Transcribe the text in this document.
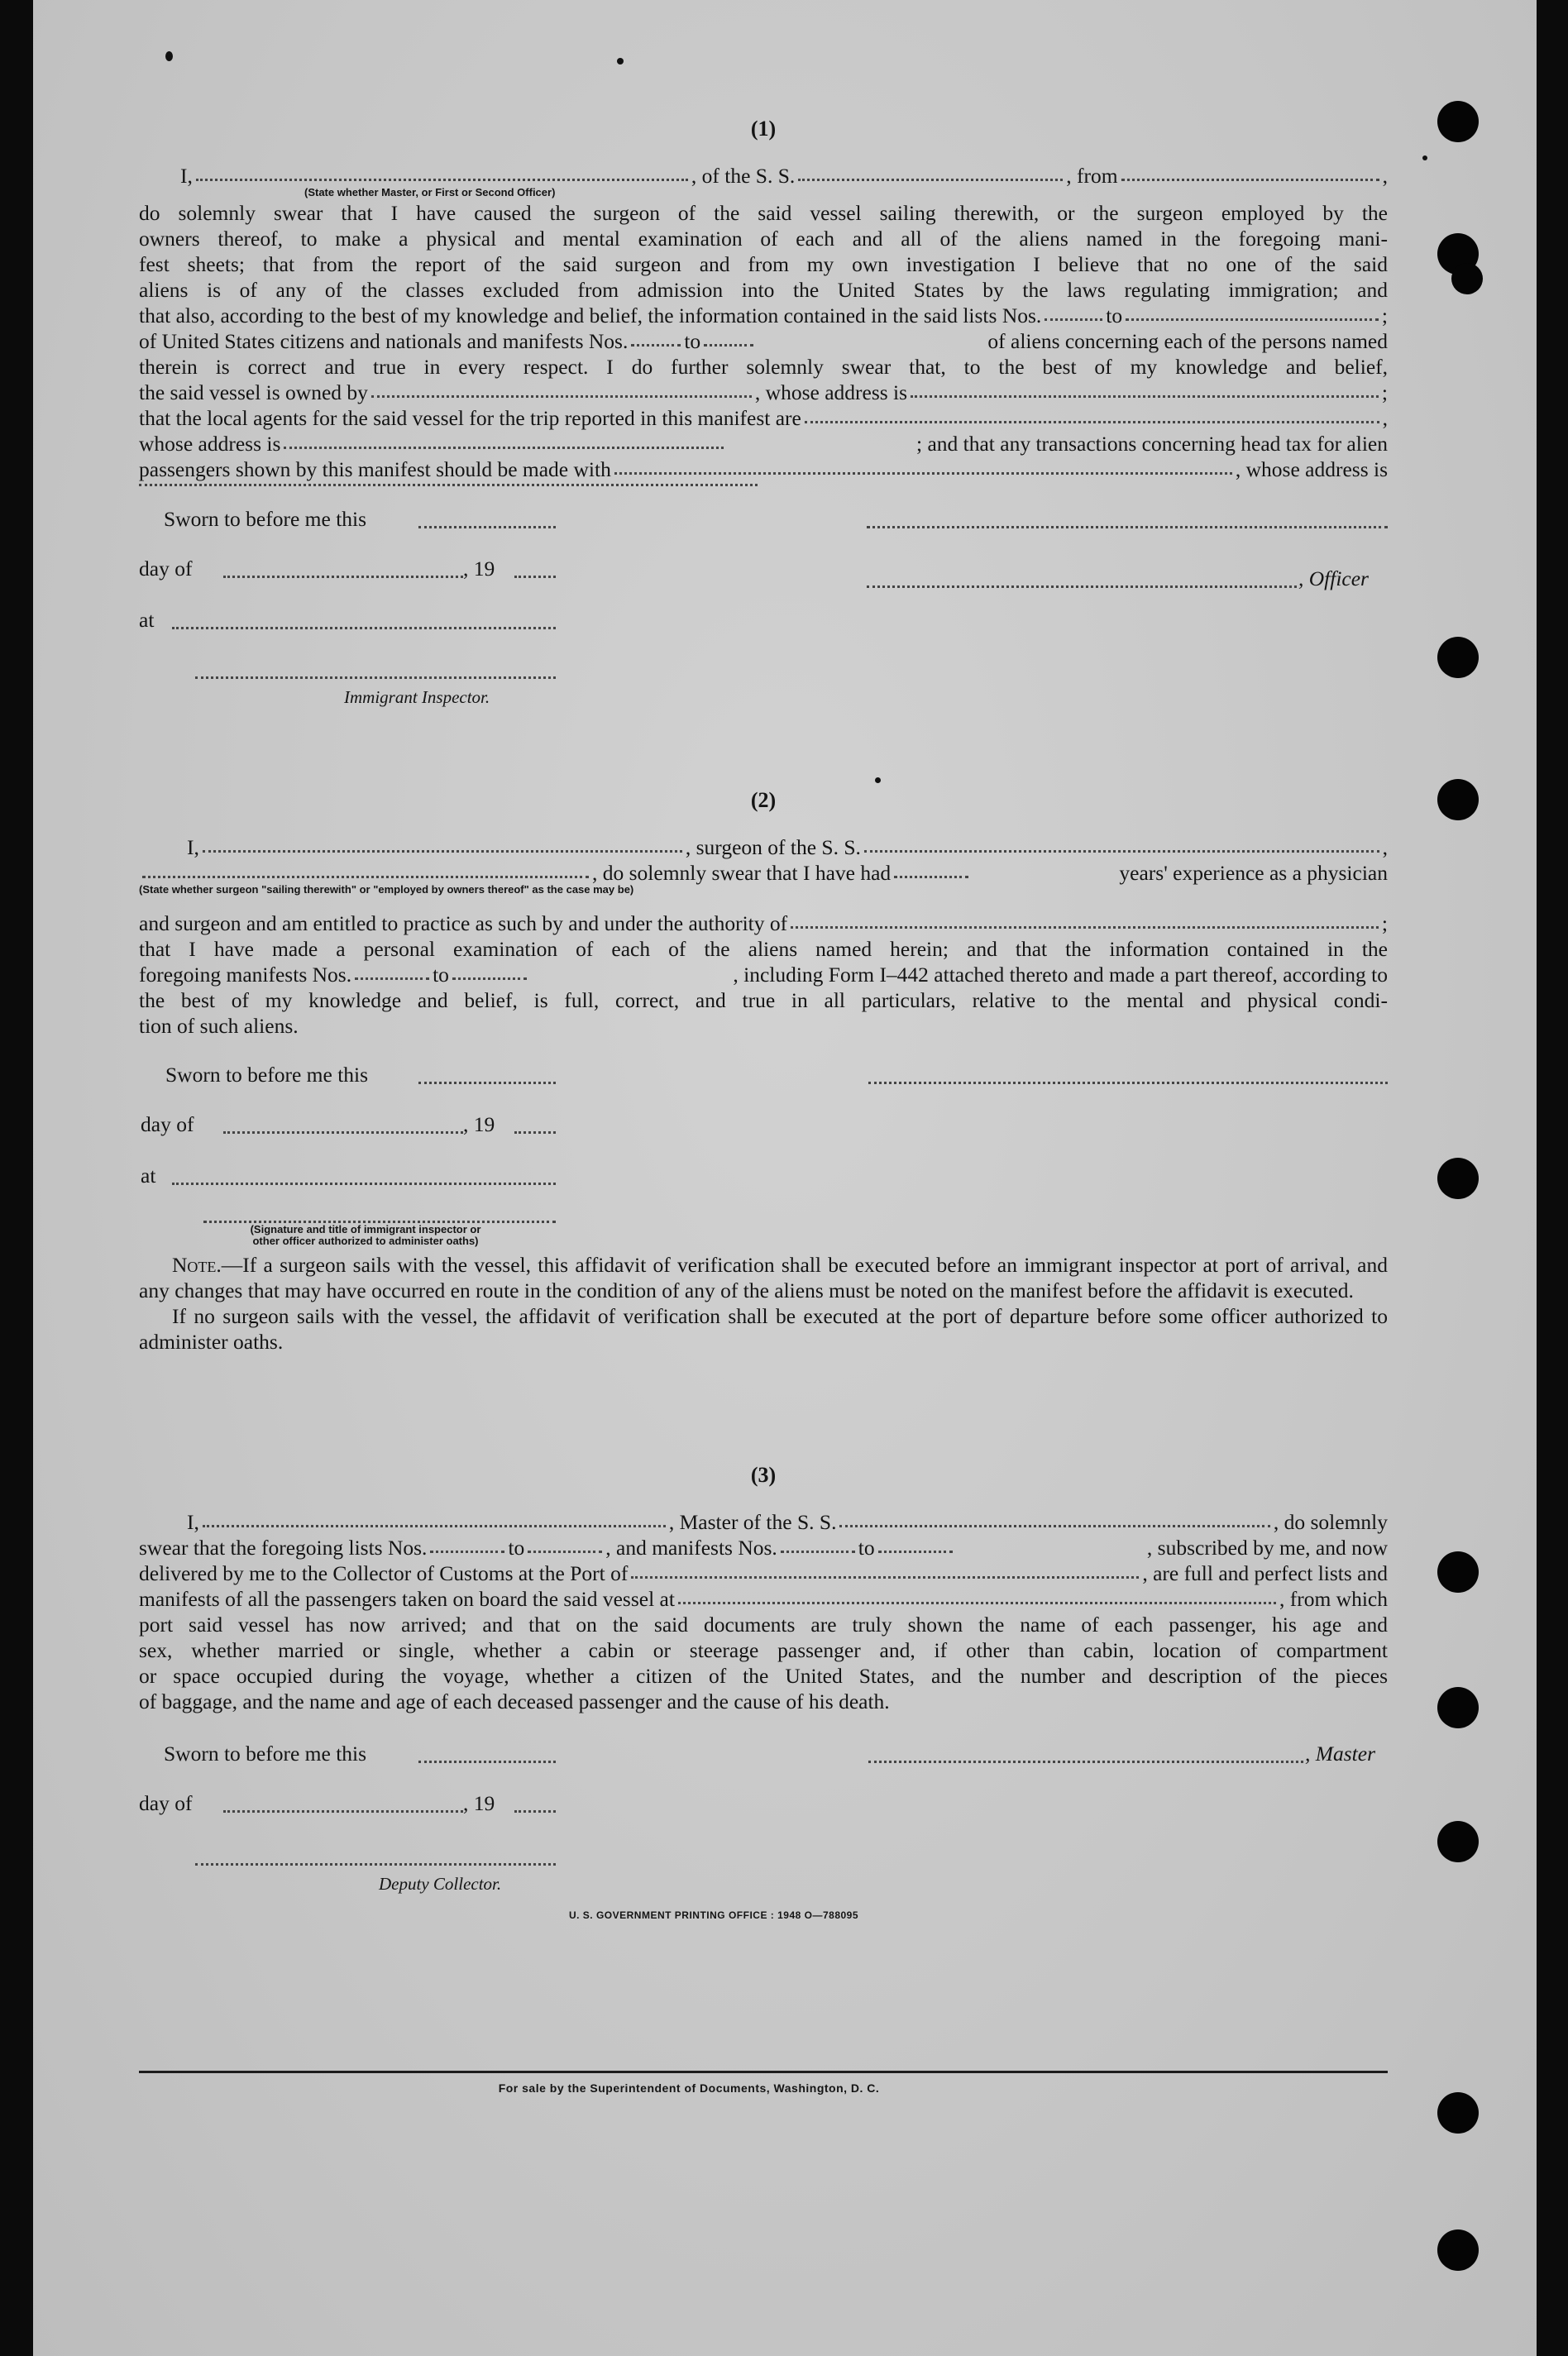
(1)
I,	, of the S. S.	, from	,
(State whether Master, or First or Second Officer)

do solemnly swear that I have caused the surgeon of the said vessel sailing therewith, or the surgeon employed by the

owners thereof, to make a physical and mental examination of each and all of the aliens named in the foregoing mani-

fest sheets; that from the report of the said surgeon and from my own investigation I believe that no one of the said

aliens is of any of the classes excluded from admission into the United States by the laws regulating immigration; and

that also, according to the best of my knowledge and belief, the information contained in the said lists Nos.	to	;
of United States citizens and nationals and manifests Nos.	to	of aliens concerning each of the persons named

therein is correct and true in every respect. I do further solemnly swear that, to the best of my knowledge and belief,

the said vessel is owned by	, whose address is	;
that the local agents for the said vessel for the trip reported in this manifest are	,
whose address is	; and that any transactions concerning head tax for alien
passengers shown by this manifest should be made with	, whose address is
Sworn to before me this
day of	, 19	, Officer
at
Immigrant Inspector.
(2)
I,	, surgeon of the S. S.	,
, do solemnly swear that I have had	years' experience as a physician
(State whether surgeon "sailing therewith" or "employed by owners thereof" as the case may be)
and surgeon and am entitled to practice as such by and under the authority of	;

that I have made a personal examination of each of the aliens named herein; and that the information contained in the

foregoing manifests Nos.	to	, including Form I–442 attached thereto and made a part thereof, according to

the best of my knowledge and belief, is full, correct, and true in all particulars, relative to the mental and physical condi-

tion of such aliens.

Sworn to before me this
day of	, 19
at
(Signature and title of immigrant inspector or
other officer authorized to administer oaths)

Note.—If a surgeon sails with the vessel, this affidavit of verification shall be executed before an immigrant inspector at port of arrival, and any changes that may have occurred en route in the condition of any of the aliens must be noted on the manifest before the affidavit is executed.

If no surgeon sails with the vessel, the affidavit of verification shall be executed at the port of departure before some officer authorized to administer oaths.

(3)
I,	, Master of the S. S.	, do solemnly
swear that the foregoing lists Nos.	to	, and manifests Nos.	to	, subscribed by me, and now
delivered by me to the Collector of Customs at the Port of	, are full and perfect lists and
manifests of all the passengers taken on board the said vessel at	, from which

port said vessel has now arrived; and that on the said documents are truly shown the name of each passenger, his age and

sex, whether married or single, whether a cabin or steerage passenger and, if other than cabin, location of compartment

or space occupied during the voyage, whether a citizen of the United States, and the number and description of the pieces

of baggage, and the name and age of each deceased passenger and the cause of his death.

Sworn to before me this	, Master
day of	, 19
Deputy Collector.
U. S. GOVERNMENT PRINTING OFFICE : 1948 O—788095
For sale by the Superintendent of Documents, Washington, D. C.
